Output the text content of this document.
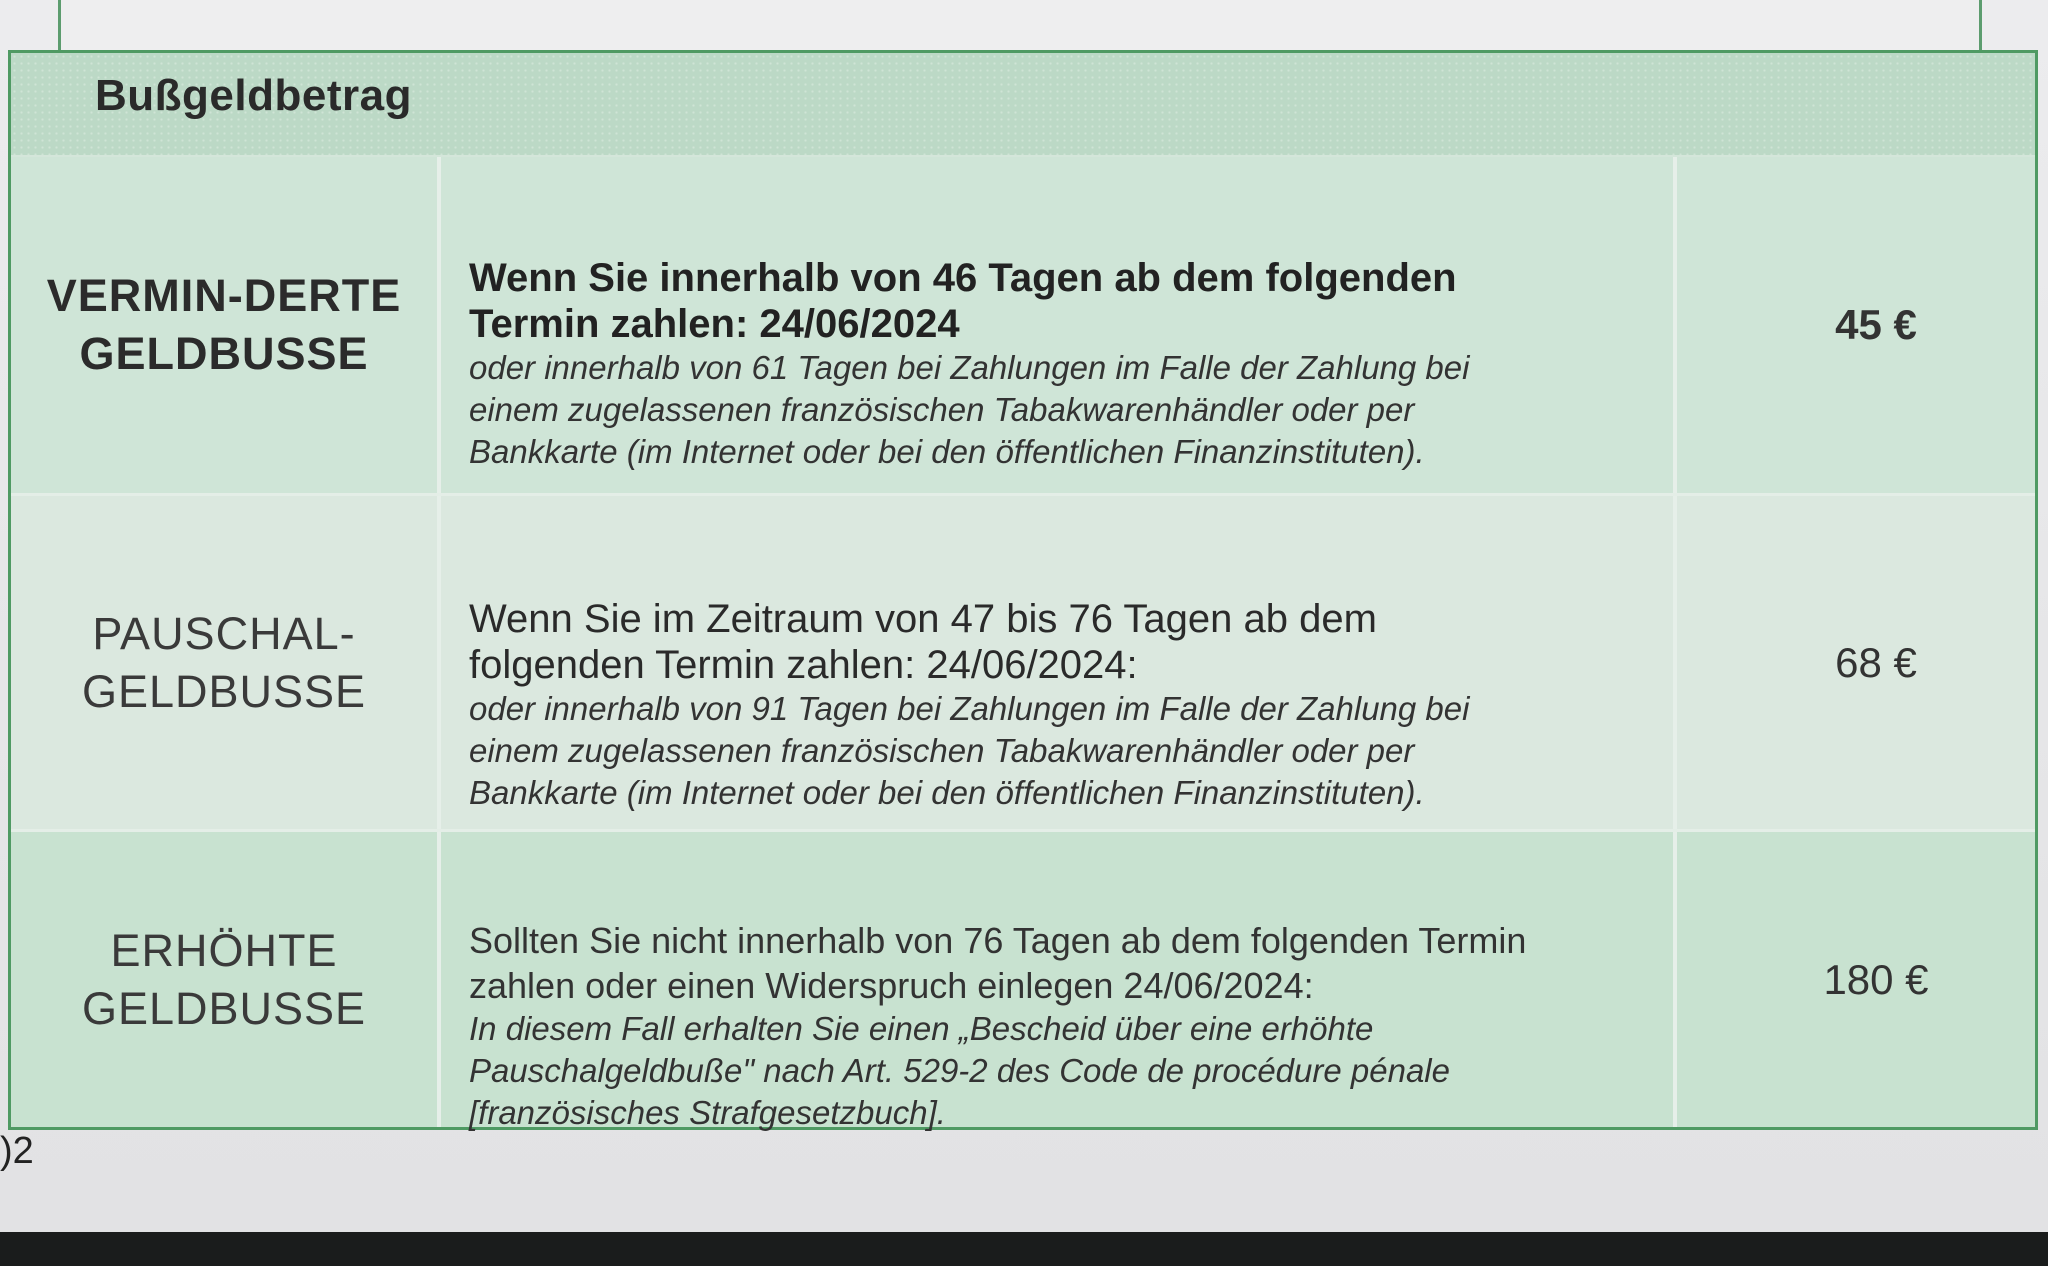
Bußgeldbetrag
VERMIN-DERTE
GELDBUSSE
Wenn Sie innerhalb von 46 Tagen ab dem folgenden
Termin zahlen: 24/06/2024
oder innerhalb von 61 Tagen bei Zahlungen im Falle der Zahlung bei
einem zugelassenen französischen Tabakwarenhändler oder per
Bankkarte (im Internet oder bei den öffentlichen Finanzinstituten).
45 €
PAUSCHAL-
GELDBUSSE
Wenn Sie im Zeitraum von 47 bis 76 Tagen ab dem
folgenden Termin zahlen: 24/06/2024:
oder innerhalb von 91 Tagen bei Zahlungen im Falle der Zahlung bei
einem zugelassenen französischen Tabakwarenhändler oder per
Bankkarte (im Internet oder bei den öffentlichen Finanzinstituten).
68 €
ERHÖHTE
GELDBUSSE
Sollten Sie nicht innerhalb von 76 Tagen ab dem folgenden Termin
zahlen oder einen Widerspruch einlegen 24/06/2024:
In diesem Fall erhalten Sie einen „Bescheid über eine erhöhte
Pauschalgeldbuße" nach Art. 529-2 des Code de procédure pénale
[französisches Strafgesetzbuch].
180 €
)2
